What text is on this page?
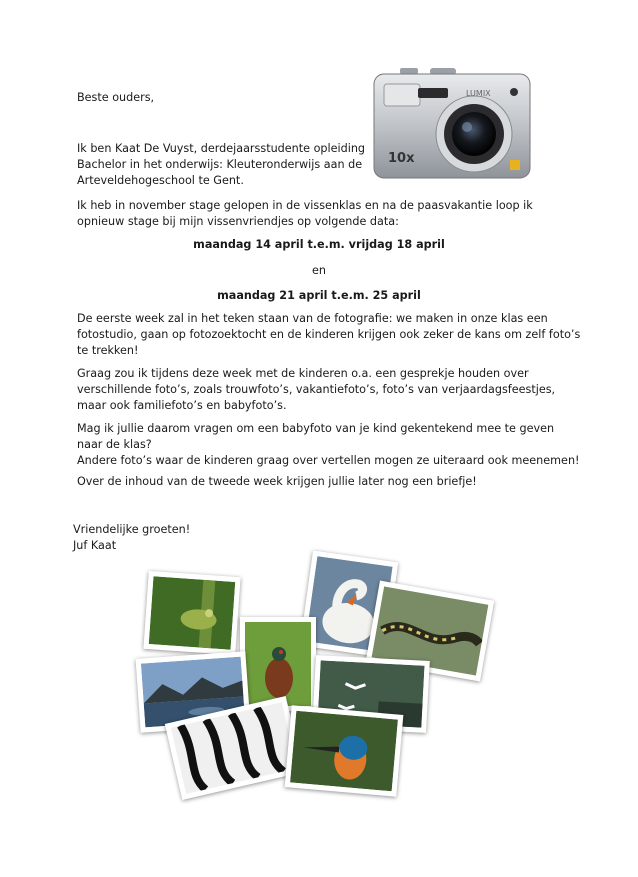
Beste ouders,

10x
LUMIX

Ik ben Kaat De Vuyst, derdejaarsstudente opleiding

Bachelor in het onderwijs: Kleuteronderwijs aan de

Arteveldehogeschool te Gent.

Ik heb in november stage gelopen in de vissenklas en na de paasvakantie loop ik

opnieuw stage bij mijn vissenvriendjes op volgende data:

maandag 14 april t.e.m. vrijdag 18 april

en

maandag 21 april t.e.m. 25 april

De eerste week zal in het teken staan van de fotografie: we maken in onze klas een

fotostudio, gaan op fotozoektocht en de kinderen krijgen ook zeker de kans om zelf foto’s

te trekken!

Graag zou ik tijdens deze week met de kinderen o.a. een gesprekje houden over

verschillende foto’s, zoals trouwfoto’s, vakantiefoto’s, foto’s van verjaardagsfeestjes,

maar ook familiefoto’s en babyfoto’s.

Mag ik jullie daarom vragen om een babyfoto van je kind gekentekend mee te geven

naar de klas?

Andere foto’s waar de kinderen graag over vertellen mogen ze uiteraard ook meenemen!

Over de inhoud van de tweede week krijgen jullie later nog een briefje!

Vriendelijke groeten!

Juf Kaat
